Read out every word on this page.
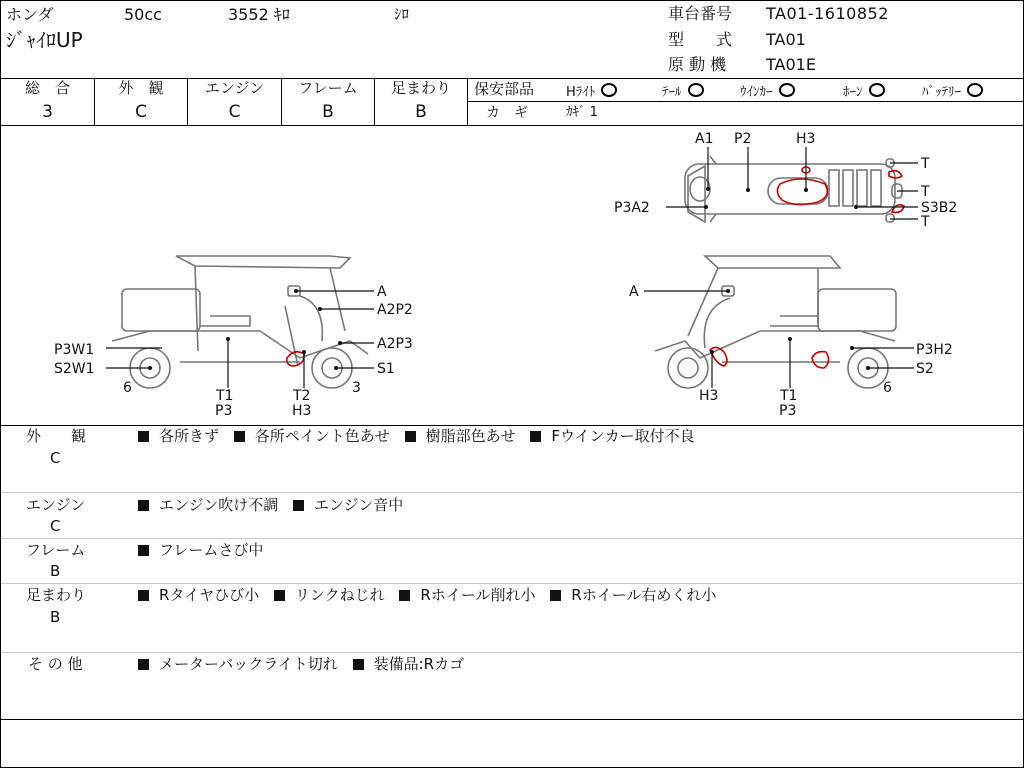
ホンダ	50cc	3552 ｷﾛ	ｼﾛ
ｼﾞｬｲﾛUP
車台番号 TA01-1610852
型　　式 TA01
原 動 機 TA01E
総　合
3
外　観
C
エンジン
C
フレーム
B
足まわり
B
保安部品 Hﾗｲﾄ	ﾃｰﾙ	ｳｲﾝｶｰ	ﾎｰﾝ	ﾊﾞｯﾃﾘｰ
カ　ギ	ｶｷﾞ 1
A1 P2	H3
P3A2
T
T
S3B2
T
A
A2P2
A2P3
S1
P3W1
S2W1
6	T1
P3
T2
H3
3
A
P3H2
S2
6
H3	T1
P3
外　　観
C
各所きず 各所ペイント色あせ 樹脂部色あせ Fウインカー取付不良
エンジン
C
エンジン吹け不調 エンジン音中
フレーム
B
フレームさび中
足まわり
B
Rタイヤひび小 リンクねじれ Rホイール削れ小 Rホイール右めくれ小
そ の 他	メーターバックライト切れ 装備品:Rカゴ
